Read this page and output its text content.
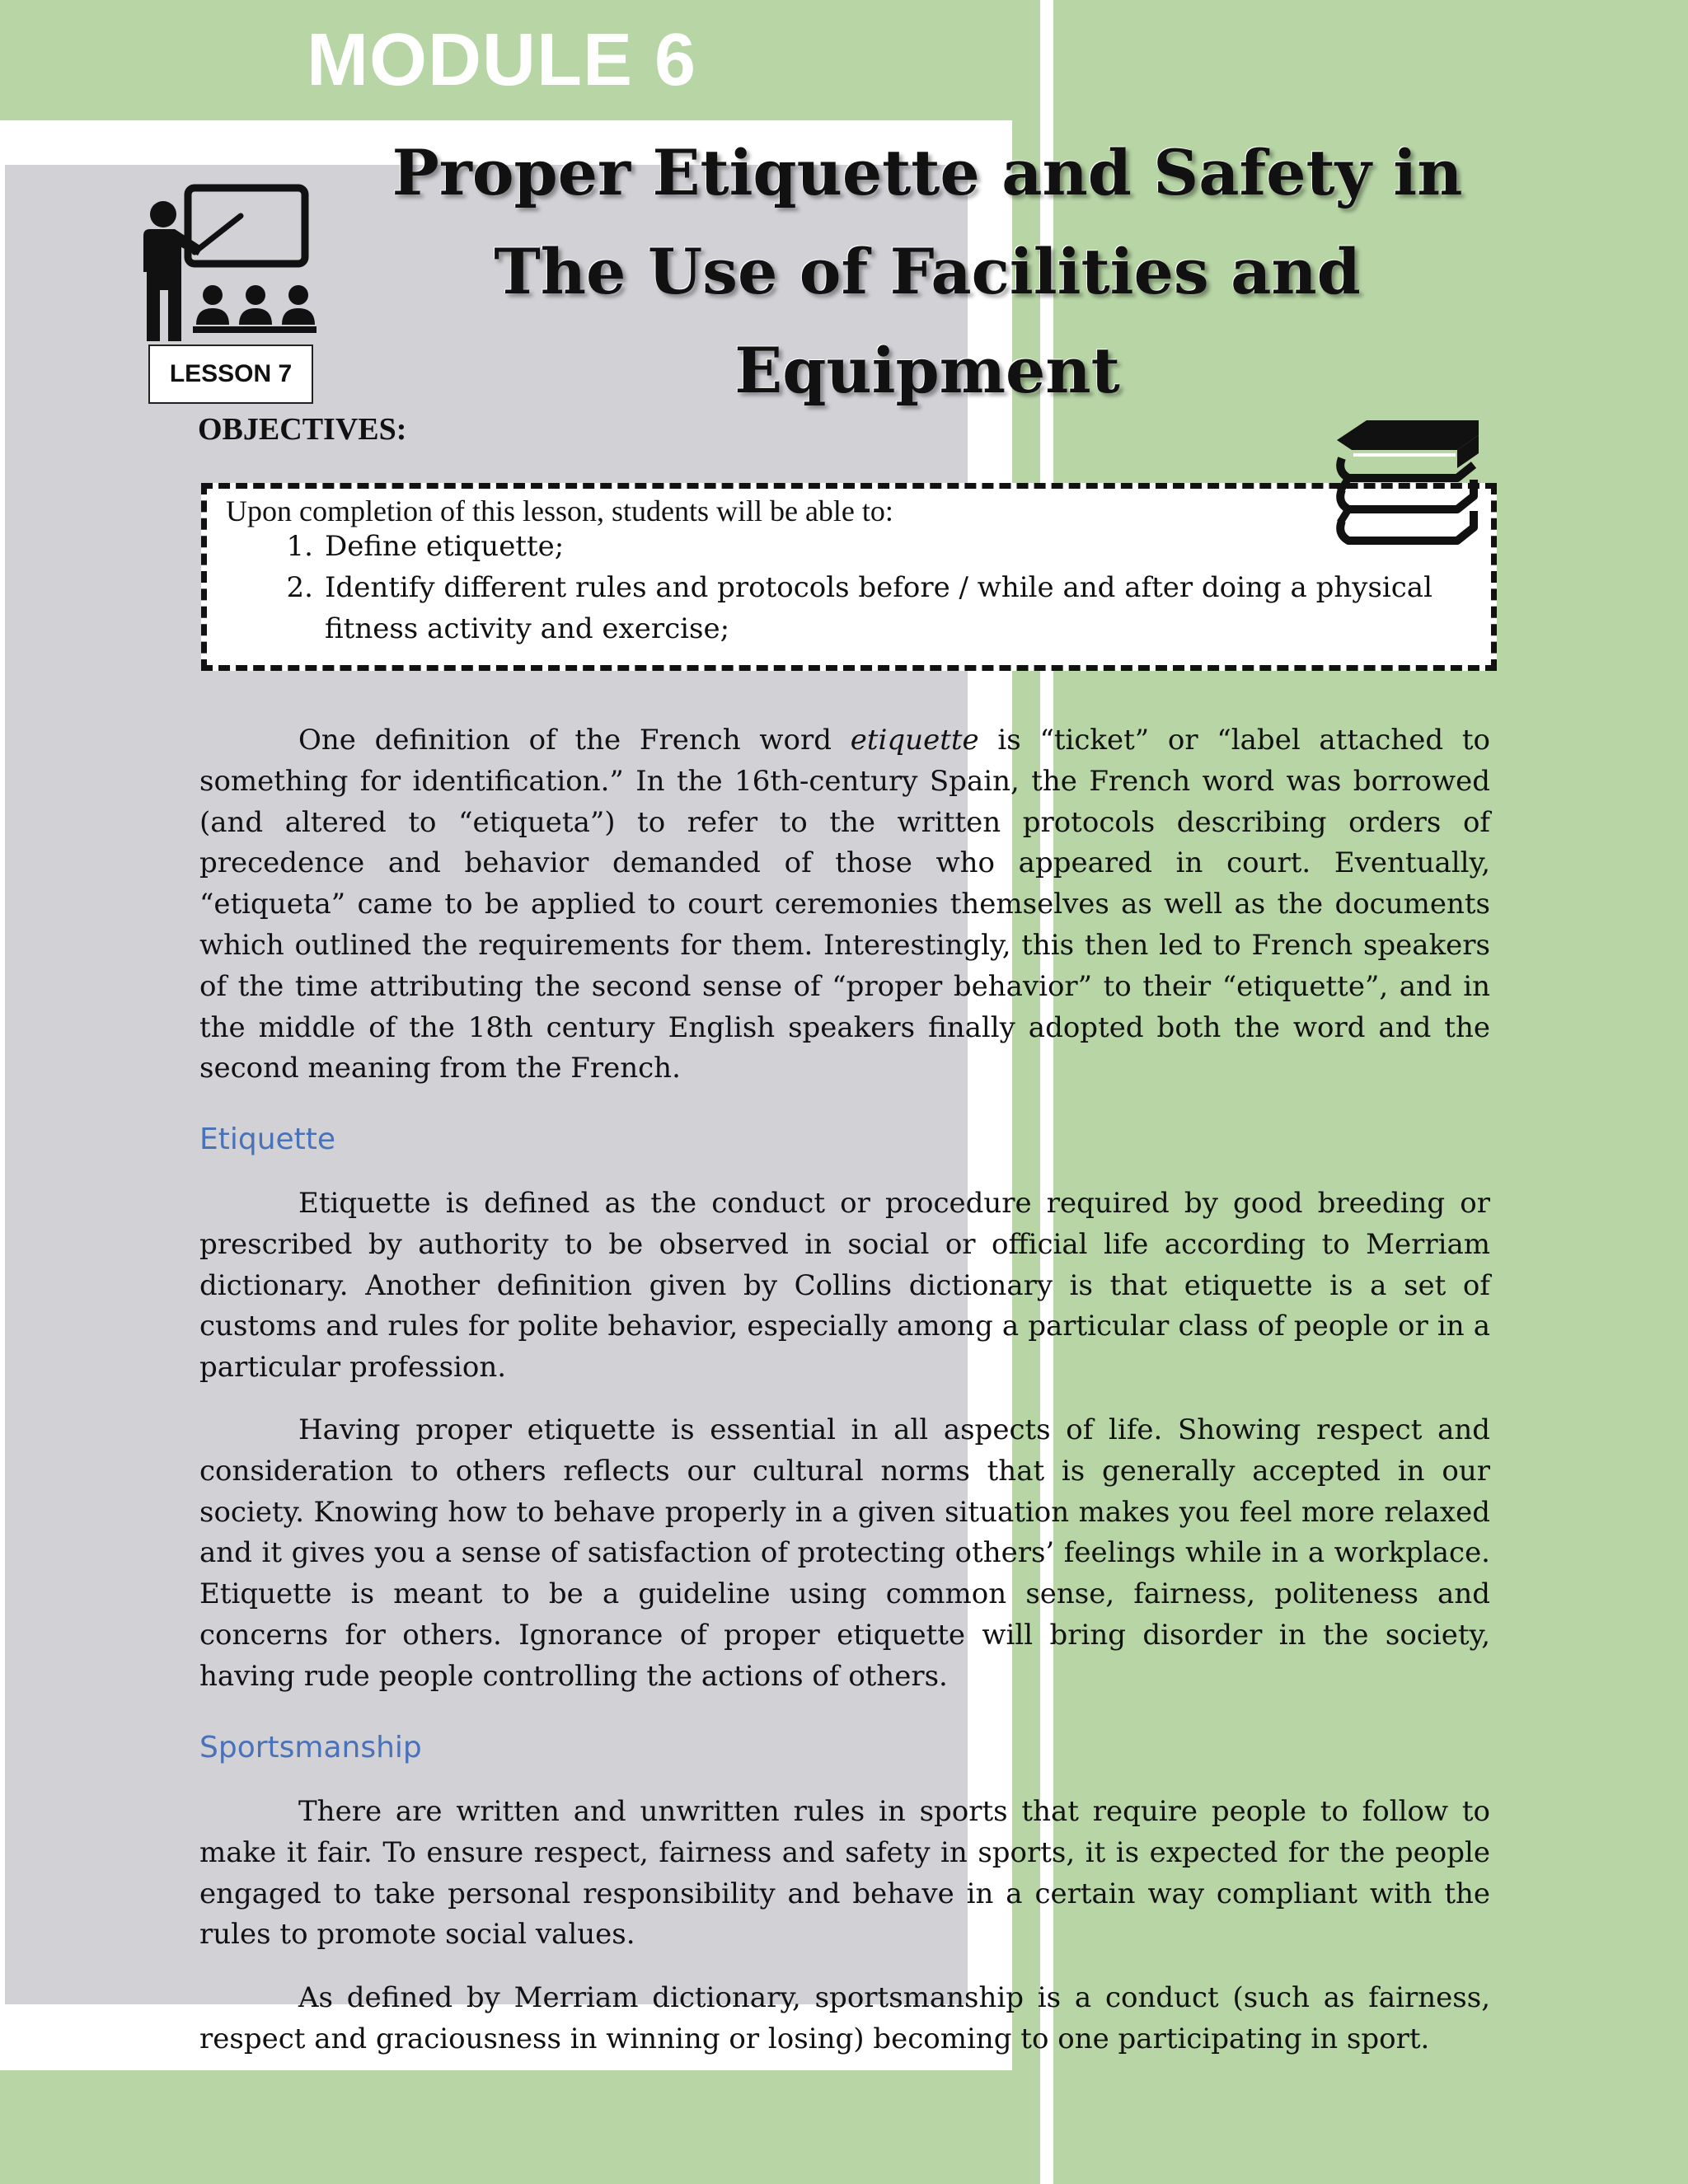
MODULE 6
Proper Etiquette and Safety in
The Use of Facilities and
Equipment
LESSON 7
OBJECTIVES:
Upon completion of this lesson, students will be able to:
1. Define etiquette;
2. Identify different rules and protocols before / while and after doing a physical fitness activity and exercise;

One definition of the French word etiquette is “ticket” or “label attached to something for identification.” In the 16th-century Spain, the French word was borrowed (and altered to “etiqueta”) to refer to the written protocols describing orders of precedence and behavior demanded of those who appeared in court. Eventually, “etiqueta” came to be applied to court ceremonies themselves as well as the documents which outlined the requirements for them. Interestingly, this then led to French speakers of the time attributing the second sense of “proper behavior” to their “etiquette”, and in the middle of the 18th century English speakers finally adopted both the word and the second meaning from the French.

Etiquette

Etiquette is defined as the conduct or procedure required by good breeding or prescribed by authority to be observed in social or official life according to Merriam dictionary. Another definition given by Collins dictionary is that etiquette is a set of customs and rules for polite behavior, especially among a particular class of people or in a particular profession.

Having proper etiquette is essential in all aspects of life. Showing respect and consideration to others reflects our cultural norms that is generally accepted in our society. Knowing how to behave properly in a given situation makes you feel more relaxed and it gives you a sense of satisfaction of protecting others’ feelings while in a workplace. Etiquette is meant to be a guideline using common sense, fairness, politeness and concerns for others. Ignorance of proper etiquette will bring disorder in the society, having rude people controlling the actions of others.

Sportsmanship

There are written and unwritten rules in sports that require people to follow to make it fair. To ensure respect, fairness and safety in sports, it is expected for the people engaged to take personal responsibility and behave in a certain way compliant with the rules to promote social values.

As defined by Merriam dictionary, sportsmanship is a conduct (such as fairness, respect and graciousness in winning or losing) becoming to one participating in sport.
